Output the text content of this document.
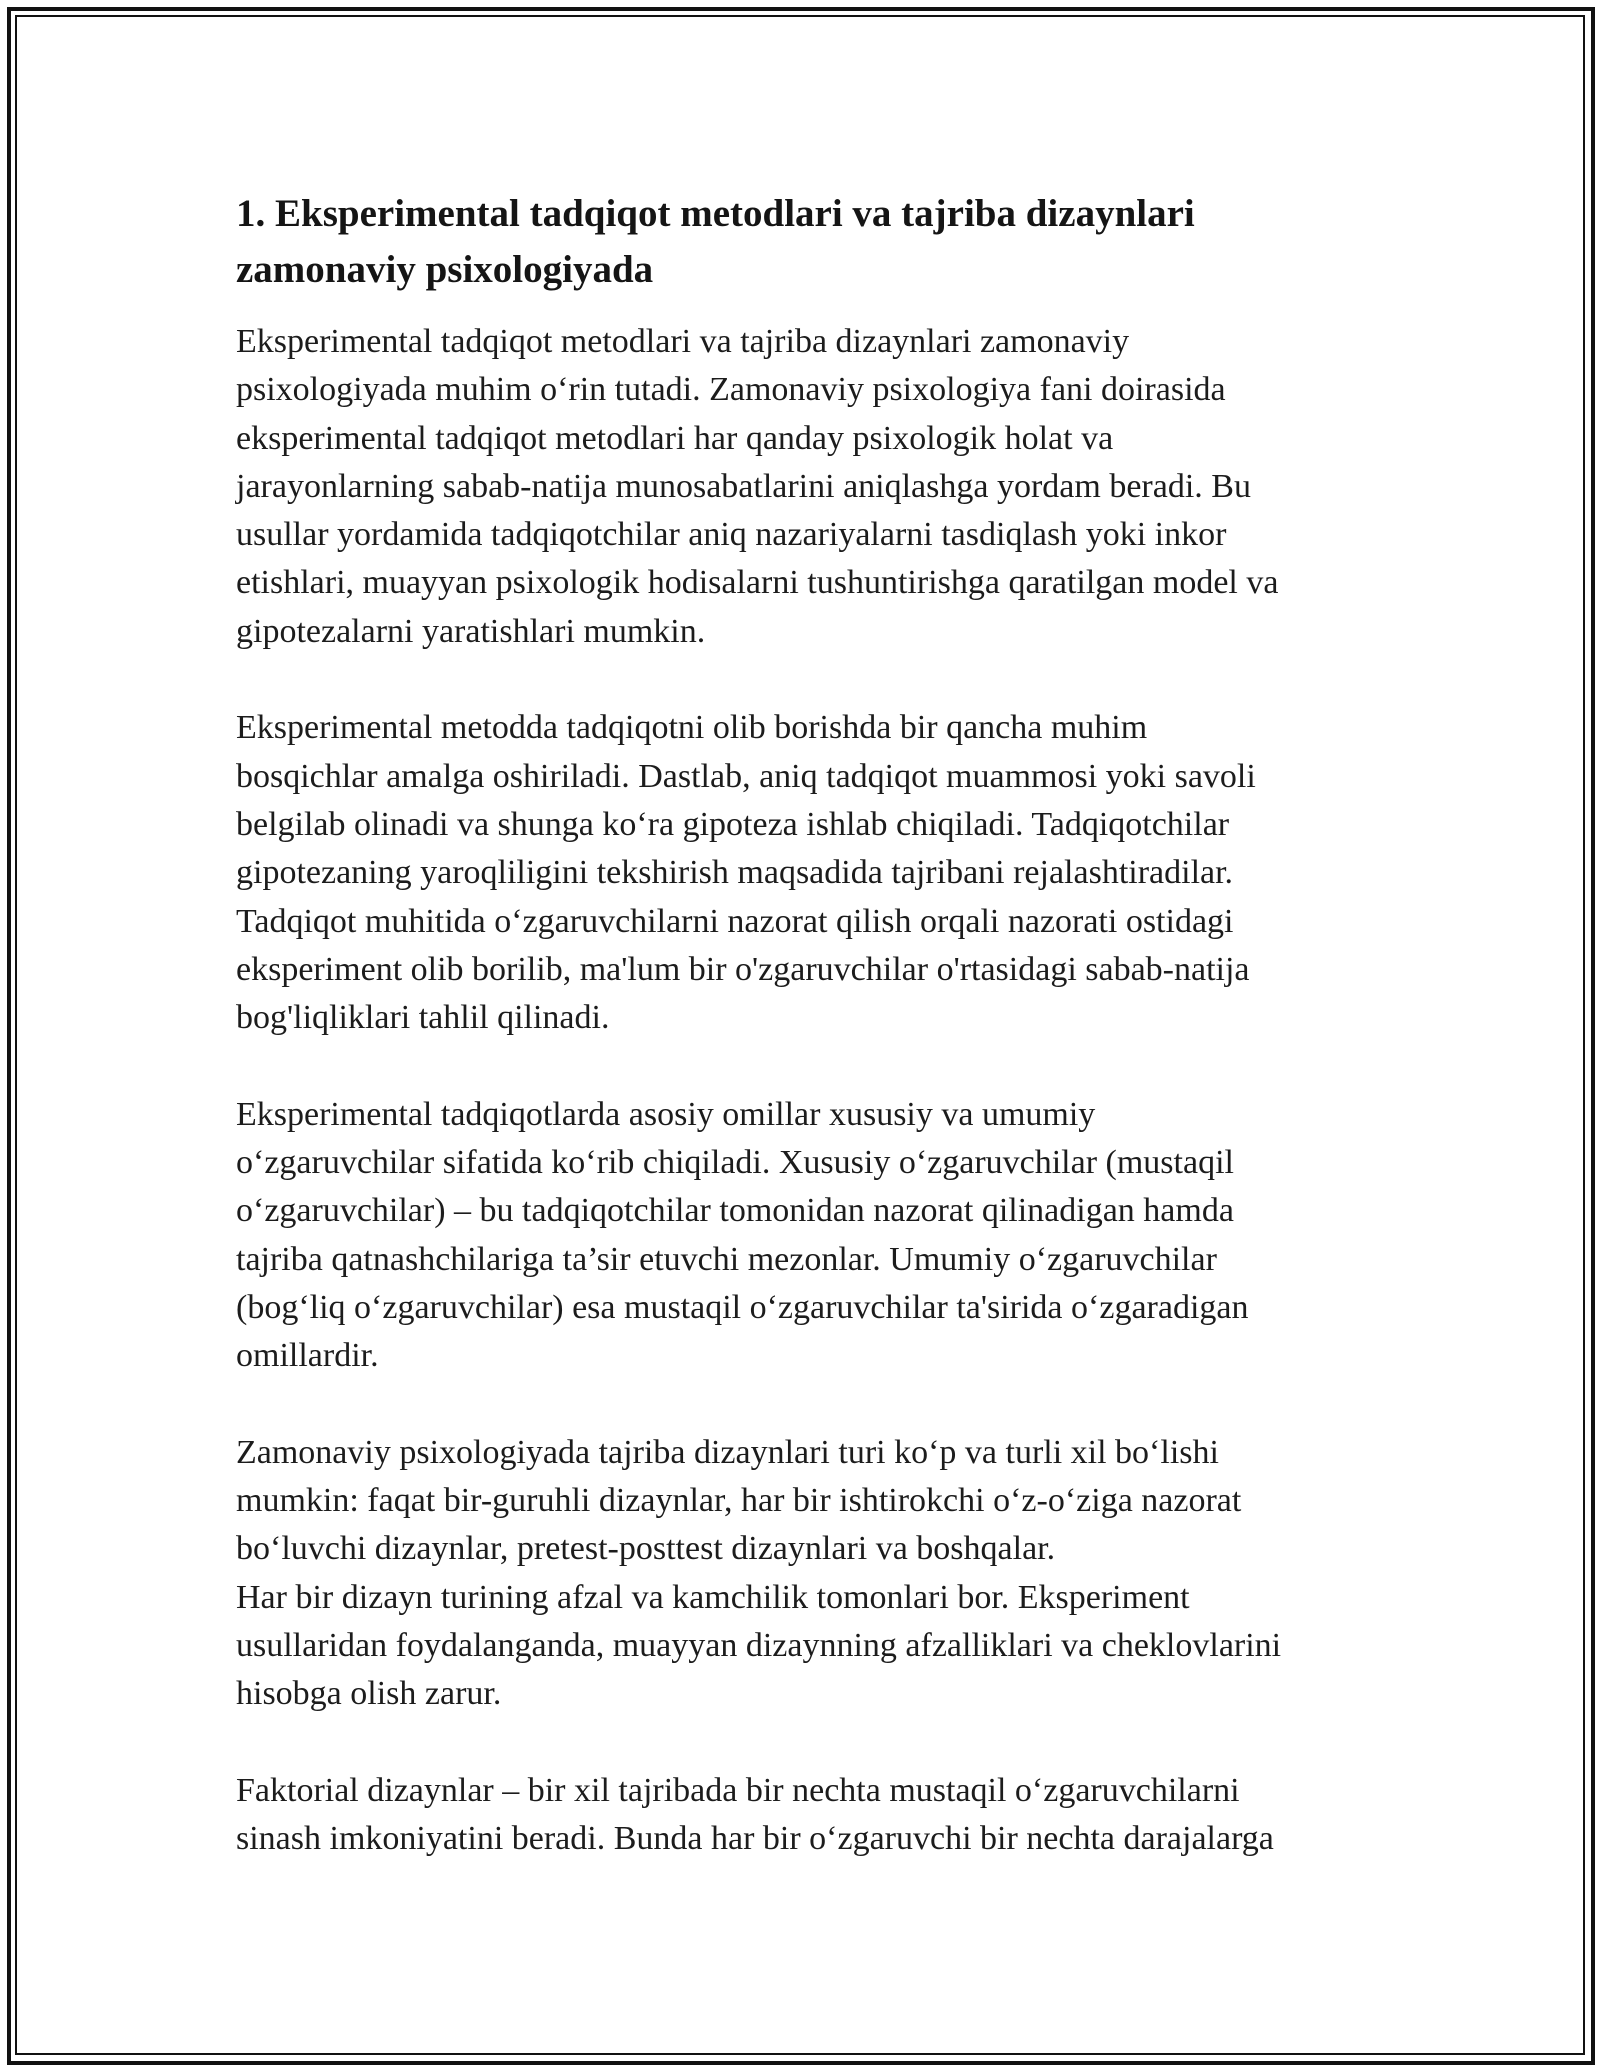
1. Eksperimental tadqiqot metodlari va tajriba dizaynlari
zamonaviy psixologiyada

Eksperimental tadqiqot metodlari va tajriba dizaynlari zamonaviy
psixologiyada muhim o‘rin tutadi. Zamonaviy psixologiya fani doirasida
eksperimental tadqiqot metodlari har qanday psixologik holat va
jarayonlarning sabab-natija munosabatlarini aniqlashga yordam beradi. Bu
usullar yordamida tadqiqotchilar aniq nazariyalarni tasdiqlash yoki inkor
etishlari, muayyan psixologik hodisalarni tushuntirishga qaratilgan model va
gipotezalarni yaratishlari mumkin.

Eksperimental metodda tadqiqotni olib borishda bir qancha muhim
bosqichlar amalga oshiriladi. Dastlab, aniq tadqiqot muammosi yoki savoli
belgilab olinadi va shunga ko‘ra gipoteza ishlab chiqiladi. Tadqiqotchilar
gipotezaning yaroqliligini tekshirish maqsadida tajribani rejalashtiradilar.
Tadqiqot muhitida o‘zgaruvchilarni nazorat qilish orqali nazorati ostidagi
eksperiment olib borilib, ma'lum bir o'zgaruvchilar o'rtasidagi sabab-natija
bog'liqliklari tahlil qilinadi.

Eksperimental tadqiqotlarda asosiy omillar xususiy va umumiy
o‘zgaruvchilar sifatida ko‘rib chiqiladi. Xususiy o‘zgaruvchilar (mustaqil
o‘zgaruvchilar) – bu tadqiqotchilar tomonidan nazorat qilinadigan hamda
tajriba qatnashchilariga ta’sir etuvchi mezonlar. Umumiy o‘zgaruvchilar
(bog‘liq o‘zgaruvchilar) esa mustaqil o‘zgaruvchilar ta'sirida o‘zgaradigan
omillardir.

Zamonaviy psixologiyada tajriba dizaynlari turi ko‘p va turli xil bo‘lishi
mumkin: faqat bir-guruhli dizaynlar, har bir ishtirokchi o‘z-o‘ziga nazorat
bo‘luvchi dizaynlar, pretest-posttest dizaynlari va boshqalar.
Har bir dizayn turining afzal va kamchilik tomonlari bor. Eksperiment
usullaridan foydalanganda, muayyan dizaynning afzalliklari va cheklovlarini
hisobga olish zarur.

Faktorial dizaynlar – bir xil tajribada bir nechta mustaqil o‘zgaruvchilarni
sinash imkoniyatini beradi. Bunda har bir o‘zgaruvchi bir nechta darajalarga
